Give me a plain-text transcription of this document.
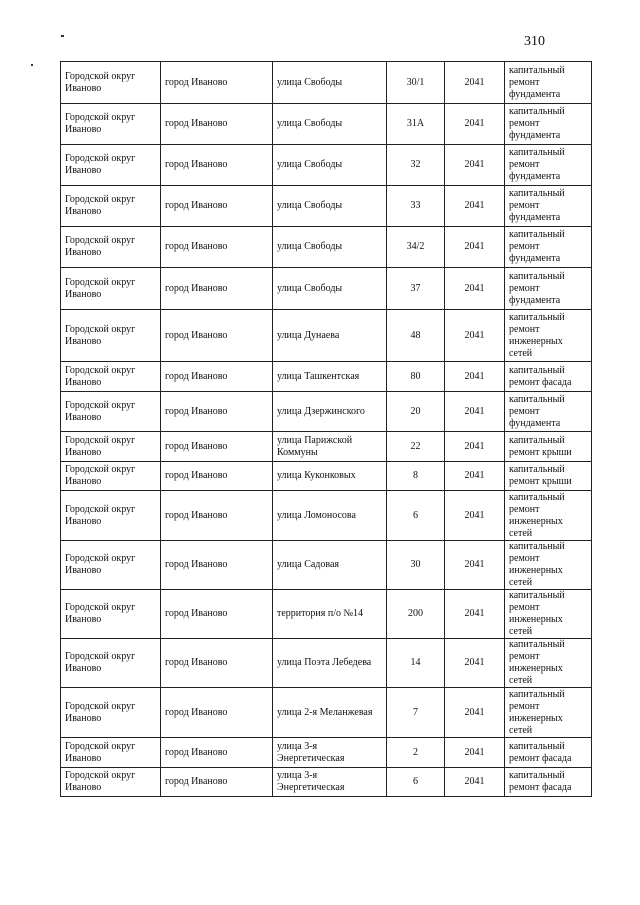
310
Городской округ Иваново	город Иваново	улица Свободы	30/1	2041	капитальный ремонт фундамента
Городской округ Иваново	город Иваново	улица Свободы	31А	2041	капитальный ремонт фундамента
Городской округ Иваново	город Иваново	улица Свободы	32	2041	капитальный ремонт фундамента
Городской округ Иваново	город Иваново	улица Свободы	33	2041	капитальный ремонт фундамента
Городской округ Иваново	город Иваново	улица Свободы	34/2	2041	капитальный ремонт фундамента
Городской округ Иваново	город Иваново	улица Свободы	37	2041	капитальный ремонт фундамента
Городской округ Иваново	город Иваново	улица Дунаева	48	2041	капитальный ремонт инженерных сетей
Городской округ Иваново	город Иваново	улица Ташкентская	80	2041	капитальный ремонт фасада
Городской округ Иваново	город Иваново	улица Дзержинского	20	2041	капитальный ремонт фундамента
Городской округ Иваново	город Иваново	улица Парижской Коммуны	22	2041	капитальный ремонт крыши
Городской округ Иваново	город Иваново	улица Куконковых	8	2041	капитальный ремонт крыши
Городской округ Иваново	город Иваново	улица Ломоносова	6	2041	капитальный ремонт инженерных сетей
Городской округ Иваново	город Иваново	улица Садовая	30	2041	капитальный ремонт инженерных сетей
Городской округ Иваново	город Иваново	территория п/о №14	200	2041	капитальный ремонт инженерных сетей
Городской округ Иваново	город Иваново	улица Поэта Лебедева	14	2041	капитальный ремонт инженерных сетей
Городской округ Иваново	город Иваново	улица 2-я Меланжевая	7	2041	капитальный ремонт инженерных сетей
Городской округ Иваново	город Иваново	улица 3-я Энергетическая	2	2041	капитальный ремонт фасада
Городской округ Иваново	город Иваново	улица 3-я Энергетическая	6	2041	капитальный ремонт фасада
